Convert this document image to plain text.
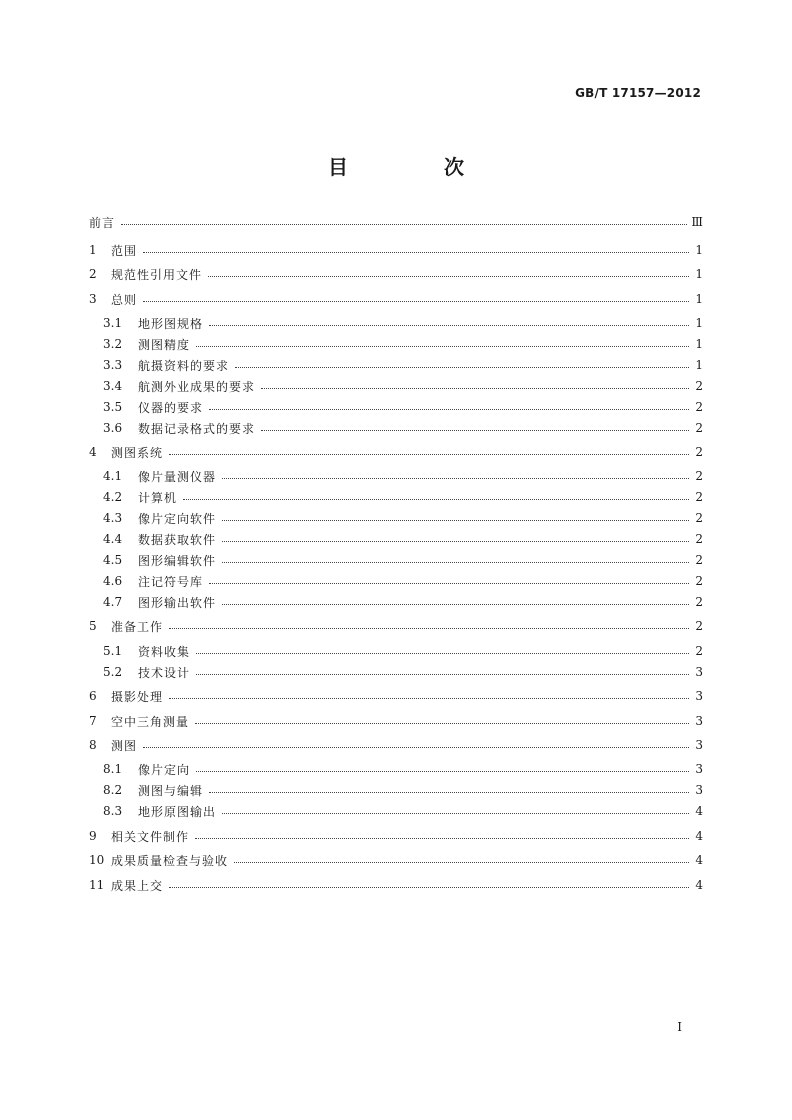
GB/T 17157—2012
目　次
前言	Ⅲ
1	范围	1
2	规范性引用文件	1
3	总则	1
3.1	地形图规格	1
3.2	测图精度	1
3.3	航摄资料的要求	1
3.4	航测外业成果的要求	2
3.5	仪器的要求	2
3.6	数据记录格式的要求	2
4	测图系统	2
4.1	像片量测仪器	2
4.2	计算机	2
4.3	像片定向软件	2
4.4	数据获取软件	2
4.5	图形编辑软件	2
4.6	注记符号库	2
4.7	图形输出软件	2
5	准备工作	2
5.1	资料收集	2
5.2	技术设计	3
6	摄影处理	3
7	空中三角测量	3
8	测图	3
8.1	像片定向	3
8.2	测图与编辑	3
8.3	地形原图输出	4
9	相关文件制作	4
10 成果质量检查与验收	4
11 成果上交	4
Ⅰ
